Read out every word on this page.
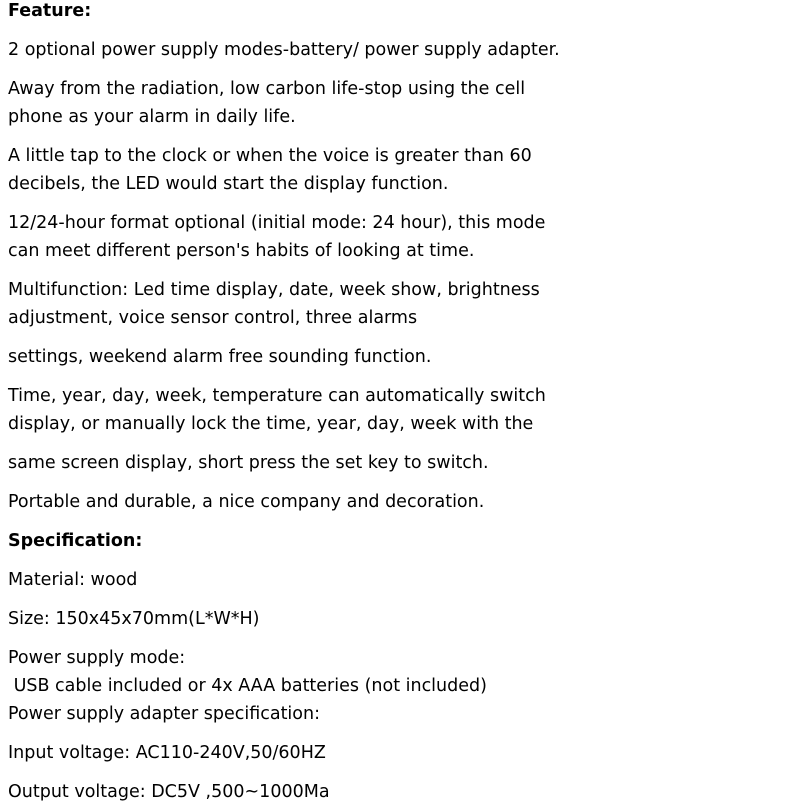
Feature:
2 optional power supply modes-battery/ power supply adapter.
Away from the radiation, low carbon life-stop using the cell
phone as your alarm in daily life.
A little tap to the clock or when the voice is greater than 60
decibels, the LED would start the display function.
12/24-hour format optional (initial mode: 24 hour), this mode
can meet different person's habits of looking at time.
Multifunction: Led time display, date, week show, brightness
adjustment, voice sensor control, three alarms
settings, weekend alarm free sounding function.
Time, year, day, week, temperature can automatically switch
display, or manually lock the time, year, day, week with the
same screen display, short press the set key to switch.
Portable and durable, a nice company and decoration.
Specification:
Material: wood
Size: 150x45x70mm(L*W*H)
Power supply mode:
USB cable included or 4x AAA batteries (not included)
Power supply adapter specification:
Input voltage: AC110-240V,50/60HZ
Output voltage: DC5V ,500~1000Ma
